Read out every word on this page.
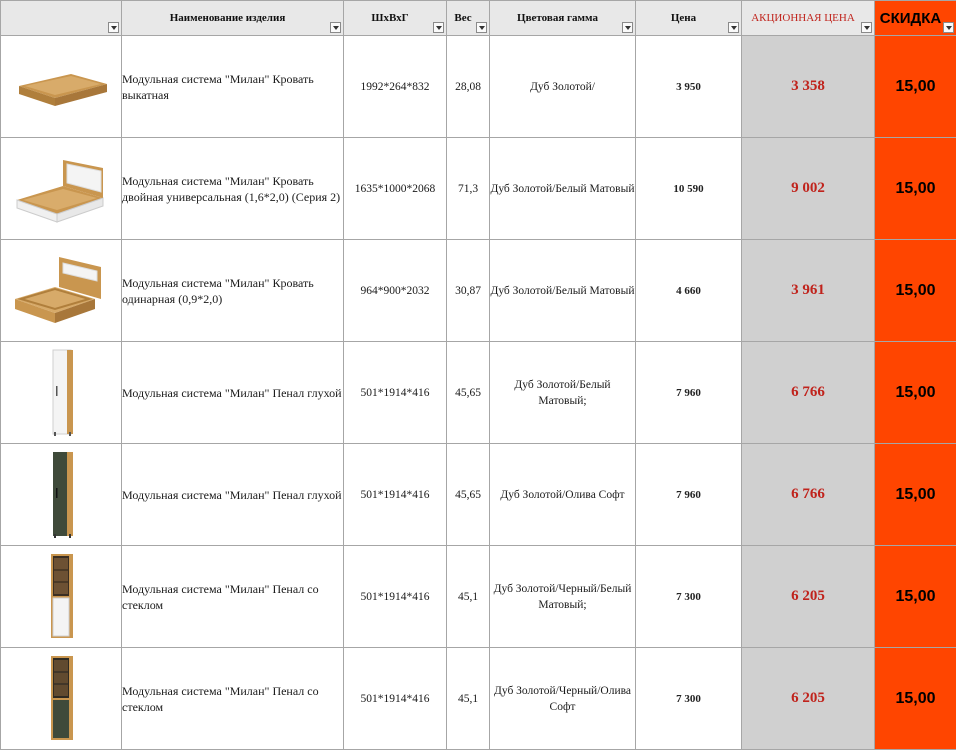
	Наименование изделия	ШхВхГ	Вес	Цветовая гамма	Цена	АКЦИОННАЯ ЦЕНА	СКИДКА

	Модульная система "Милан" Кровать выкатная	1992*264*832	28,08	Дуб Золотой/	3 950	3 358	15,00

	Модульная система "Милан" Кровать двойная универсальная (1,6*2,0) (Серия 2)	1635*1000*2068	71,3	Дуб Золотой/Белый Матовый	10 590	9 002	15,00

	Модульная система "Милан" Кровать одинарная (0,9*2,0)	964*900*2032	30,87	Дуб Золотой/Белый Матовый	4 660	3 961	15,00

	Модульная система "Милан" Пенал глухой	501*1914*416	45,65	Дуб Золотой/Белый Матовый;	7 960	6 766	15,00

	Модульная система "Милан" Пенал глухой	501*1914*416	45,65	Дуб Золотой/Олива Софт	7 960	6 766	15,00

	Модульная система "Милан" Пенал со стеклом	501*1914*416	45,1	Дуб Золотой/Черный/Белый Матовый;	7 300	6 205	15,00

	Модульная система "Милан" Пенал со стеклом	501*1914*416	45,1	Дуб Золотой/Черный/Олива Софт	7 300	6 205	15,00
